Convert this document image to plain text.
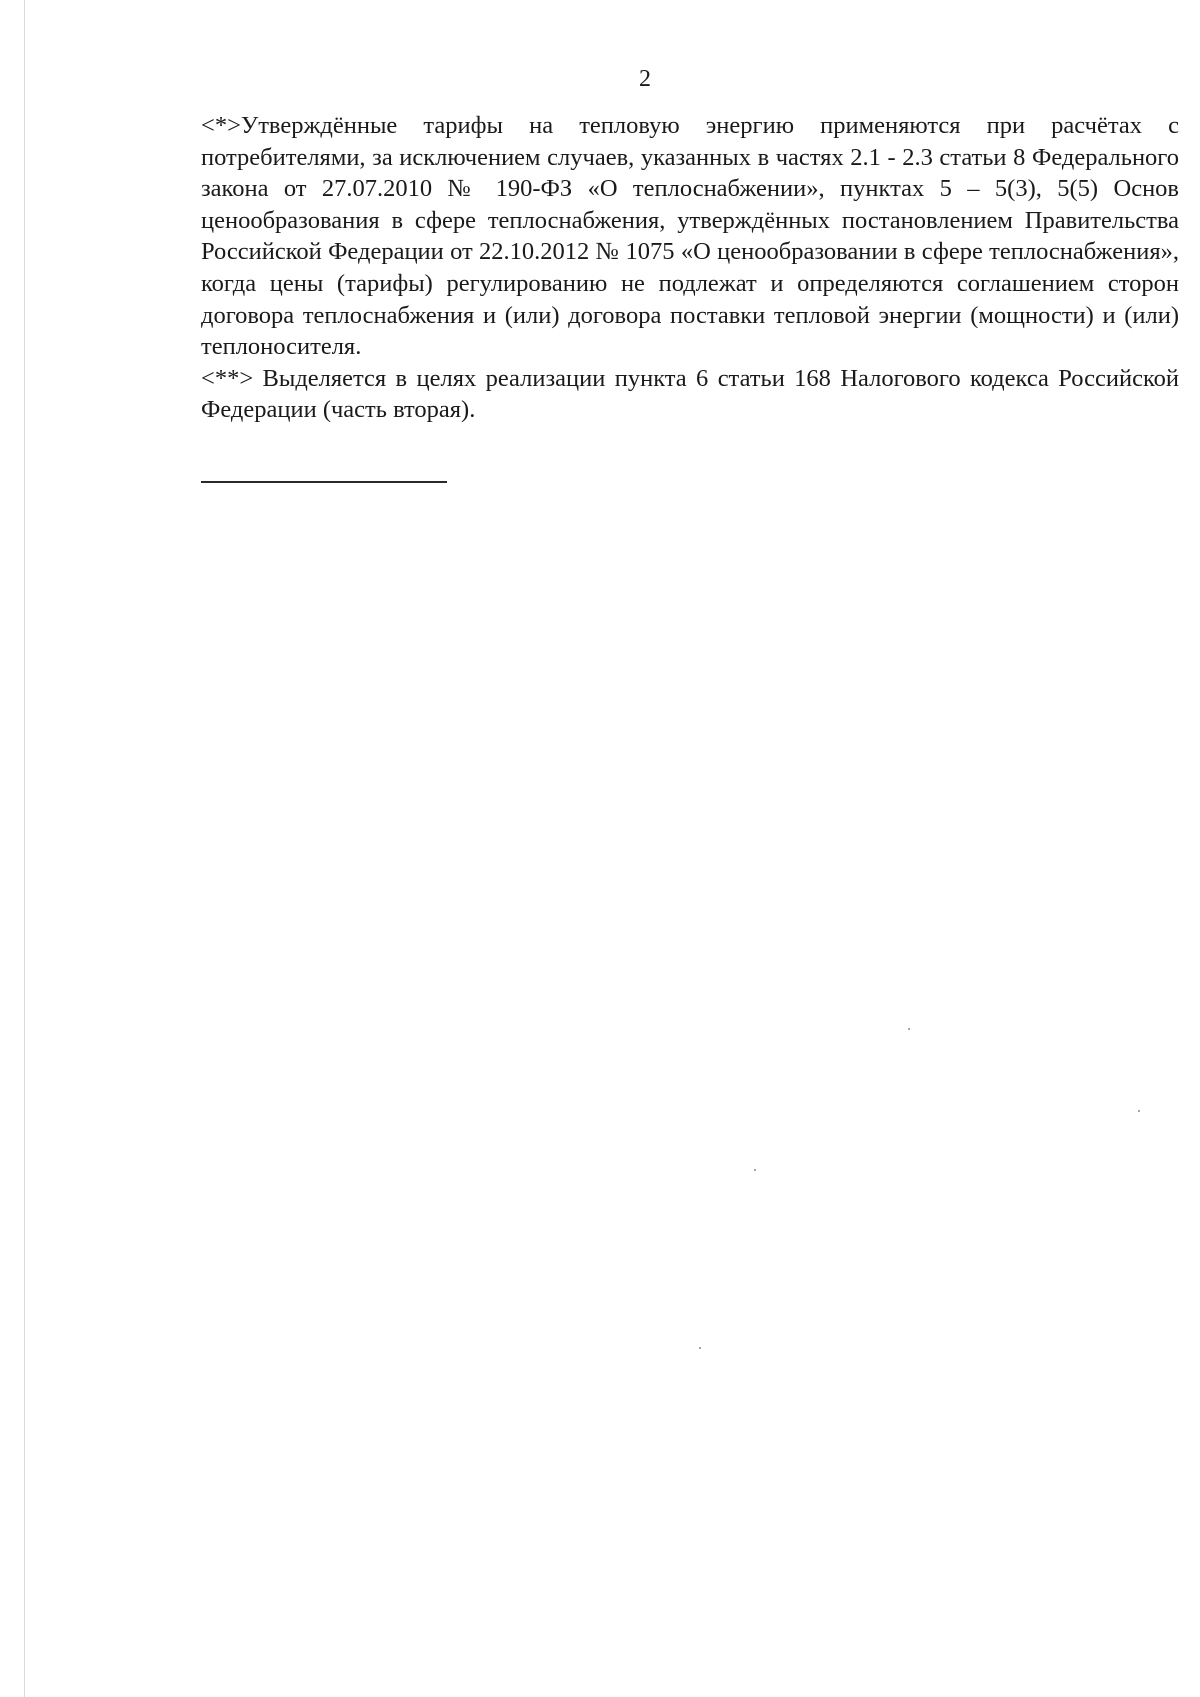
2

<*>Утверждённые тарифы на тепловую энергию применяются при расчётах с потребителями, за исключением случаев, указанных в частях 2.1 - 2.3 статьи 8 Федерального закона от 27.07.2010 № 190-ФЗ «О теплоснабжении», пунктах 5 – 5(3), 5(5) Основ ценообразования в сфере теплоснабжения, утверждённых постановлением Правительства Российской Федерации от 22.10.2012 № 1075 «О ценообразовании в сфере теплоснабжения», когда цены (тарифы) регулированию не подлежат и определяются соглашением сторон договора теплоснабжения и (или) договора поставки тепловой энергии (мощности) и (или) теплоносителя.

<**> Выделяется в целях реализации пункта 6 статьи 168 Налогового кодекса Российской Федерации (часть вторая).
